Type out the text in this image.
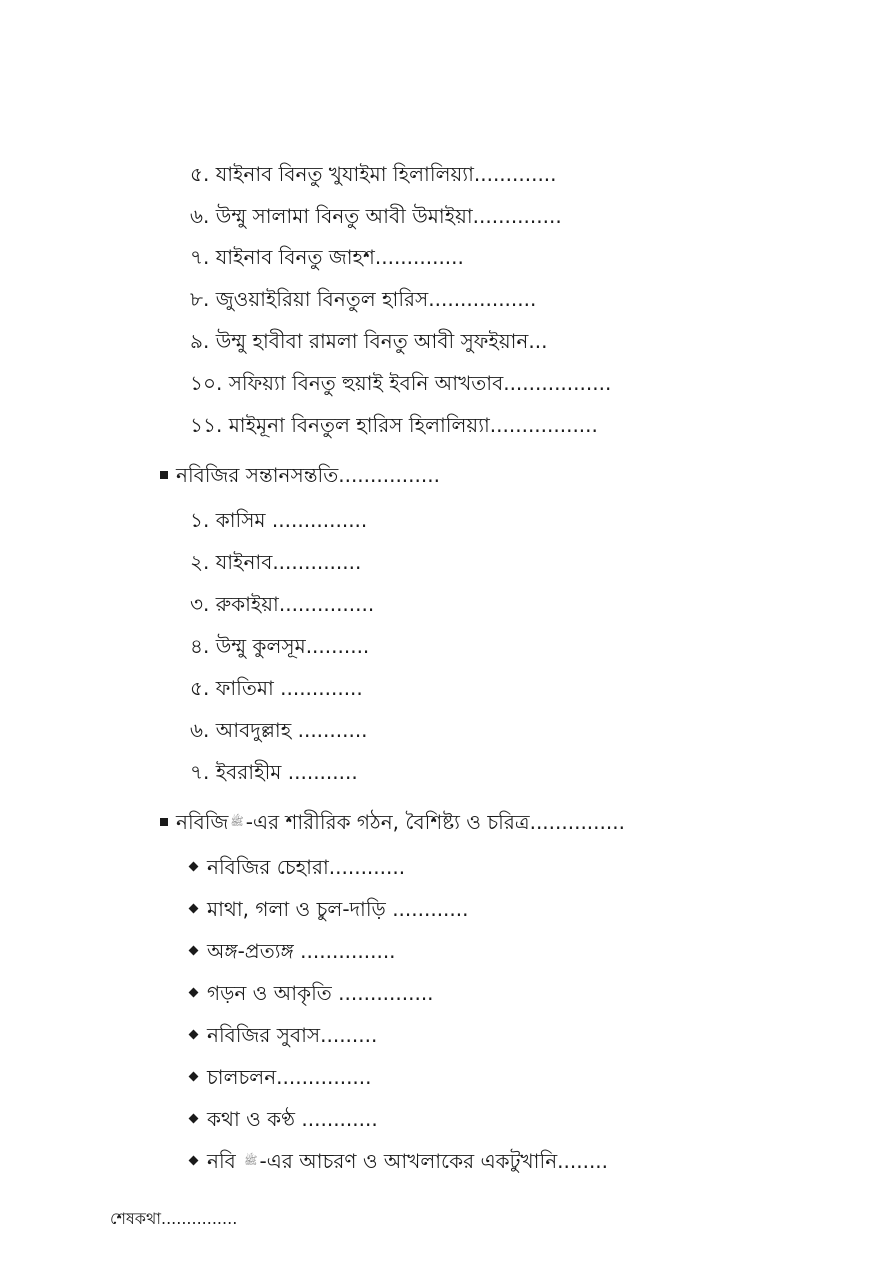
৫. যাইনাব বিনতু খুযাইমা হিলালিয়্যা.............
৬. উম্মু সালামা বিনতু আবী উমাইয়া..............
৭. যাইনাব বিনতু জাহশ..............
৮. জুওয়াইরিয়া বিনতুল হারিস.................
৯. উম্মু হাবীবা রামলা বিনতু আবী সুফইয়ান...
১০. সফিয়্যা বিনতু হুয়াই ইবনি আখতাব.................
১১. মাইমূনা বিনতুল হারিস হিলালিয়্যা.................
নবিজির সন্তানসন্ততি................
১. কাসিম ...............
২. যাইনাব..............
৩. রুকাইয়া...............
৪. উম্মু কুলসূম..........
৫. ফাতিমা .............
৬. আবদুল্লাহ ...........
৭. ইবরাহীম ...........
নবিজি ﷺ -এর শারীরিক গঠন, বৈশিষ্ট্য ও চরিত্র...............
নবিজির চেহারা............
মাথা, গলা ও চুল-দাড়ি ............
অঙ্গ-প্রত্যঙ্গ ...............
গড়ন ও আকৃতি ...............
নবিজির সুবাস.........
চালচলন...............
কথা ও কণ্ঠ ............
নবি ﷺ -এর আচরণ ও আখলাকের একটুখানি........
শেষকথা...............
